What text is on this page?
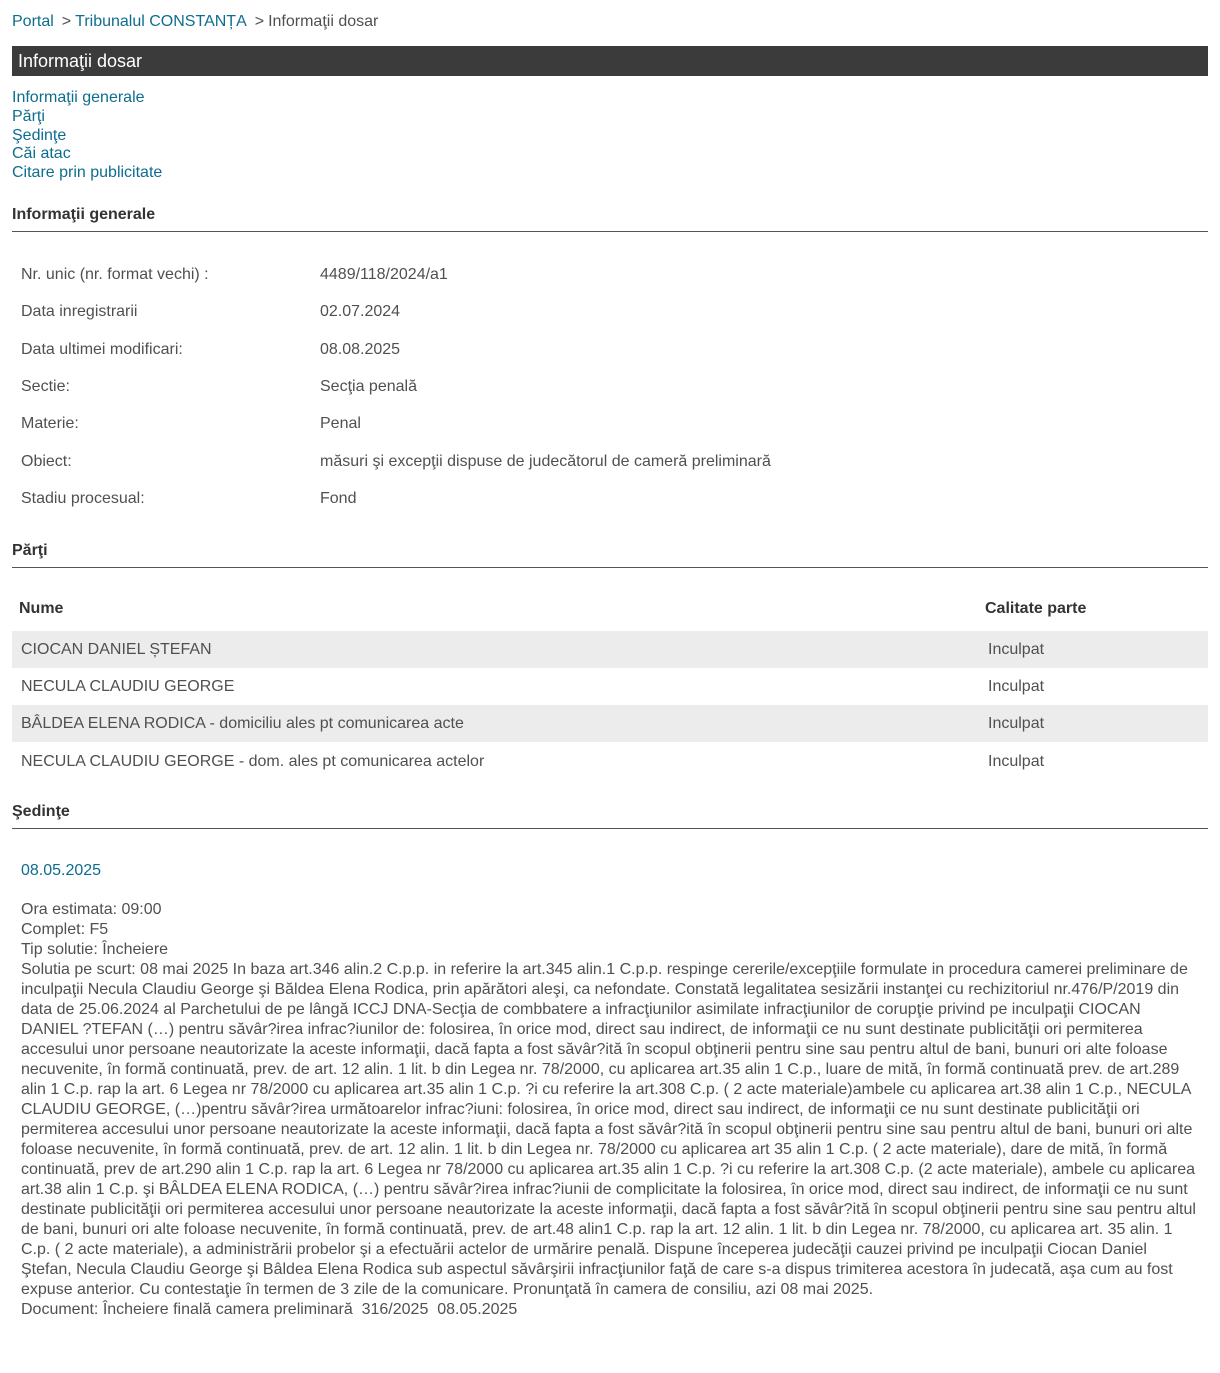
Portal > Tribunalul CONSTANȚA > Informaţii dosar
Informaţii dosar
Informaţii generale
Părţi
Şedinţe
Căi atac
Citare prin publicitate
Informaţii generale
Nr. unic (nr. format vechi) :	4489/118/2024/a1
Data inregistrarii	02.07.2024
Data ultimei modificari:	08.08.2025
Sectie:	Secţia penală
Materie:	Penal
Obiect:	măsuri şi excepţii dispuse de judecătorul de cameră preliminară
Stadiu procesual:	Fond
Părţi
Nume	Calitate parte
CIOCAN DANIEL ȘTEFAN	Inculpat
NECULA CLAUDIU GEORGE	Inculpat
BÂLDEA ELENA RODICA - domiciliu ales pt comunicarea acte	Inculpat
NECULA CLAUDIU GEORGE - dom. ales pt comunicarea actelor	Inculpat
Şedinţe
08.05.2025
Ora estimata: 09:00
Complet: F5
Tip solutie: Încheiere
Solutia pe scurt: 08 mai 2025 In baza art.346 alin.2 C.p.p. in referire la art.345 alin.1 C.p.p. respinge cererile/excepţiile formulate in procedura camerei preliminare de inculpaţii Necula Claudiu George şi Băldea Elena Rodica, prin apărători aleşi, ca nefondate. Constată legalitatea sesizării instanţei cu rechizitoriul nr.476/P/2019 din data de 25.06.2024 al Parchetului de pe lângă ICCJ DNA-Secţia de combbatere a infracţiunilor asimilate infracţiunilor de corupţie privind pe inculpaţii CIOCAN DANIEL ?TEFAN (…) pentru săvâr?irea infrac?iunilor de: folosirea, în orice mod, direct sau indirect, de informaţii ce nu sunt destinate publicităţii ori permiterea accesului unor persoane neautorizate la aceste informaţii, dacă fapta a fost săvâr?ită în scopul obţinerii pentru sine sau pentru altul de bani, bunuri ori alte foloase necuvenite, în formă continuată, prev. de art. 12 alin. 1 lit. b din Legea nr. 78/2000, cu aplicarea art.35 alin 1 C.p., luare de mită, în formă continuată prev. de art.289 alin 1 C.p. rap la art. 6 Legea nr 78/2000 cu aplicarea art.35 alin 1 C.p. ?i cu referire la art.308 C.p. ( 2 acte materiale)ambele cu aplicarea art.38 alin 1 C.p., NECULA CLAUDIU GEORGE, (…)pentru săvâr?irea următoarelor infrac?iuni: folosirea, în orice mod, direct sau indirect, de informaţii ce nu sunt destinate publicităţii ori permiterea accesului unor persoane neautorizate la aceste informaţii, dacă fapta a fost săvâr?ită în scopul obţinerii pentru sine sau pentru altul de bani, bunuri ori alte foloase necuvenite, în formă continuată, prev. de art. 12 alin. 1 lit. b din Legea nr. 78/2000 cu aplicarea art 35 alin 1 C.p. ( 2 acte materiale), dare de mită, în formă continuată, prev de art.290 alin 1 C.p. rap la art. 6 Legea nr 78/2000 cu aplicarea art.35 alin 1 C.p. ?i cu referire la art.308 C.p. (2 acte materiale), ambele cu aplicarea art.38 alin 1 C.p. şi BÂLDEA ELENA RODICA, (…) pentru săvâr?irea infrac?iunii de complicitate la folosirea, în orice mod, direct sau indirect, de informaţii ce nu sunt destinate publicităţii ori permiterea accesului unor persoane neautorizate la aceste informaţii, dacă fapta a fost săvâr?ită în scopul obţinerii pentru sine sau pentru altul de bani, bunuri ori alte foloase necuvenite, în formă continuată, prev. de art.48 alin1 C.p. rap la art. 12 alin. 1 lit. b din Legea nr. 78/2000, cu aplicarea art. 35 alin. 1 C.p. ( 2 acte materiale), a administrării probelor şi a efectuării actelor de urmărire penală. Dispune începerea judecăţii cauzei privind pe inculpaţii Ciocan Daniel Ştefan, Necula Claudiu George şi Bâldea Elena Rodica sub aspectul săvârşirii infracţiunilor faţă de care s-a dispus trimiterea acestora în judecată, aşa cum au fost expuse anterior. Cu contestaţie în termen de 3 zile de la comunicare. Pronunţată în camera de consiliu, azi 08 mai 2025.
Document: Încheiere finală camera preliminară  316/2025  08.05.2025
